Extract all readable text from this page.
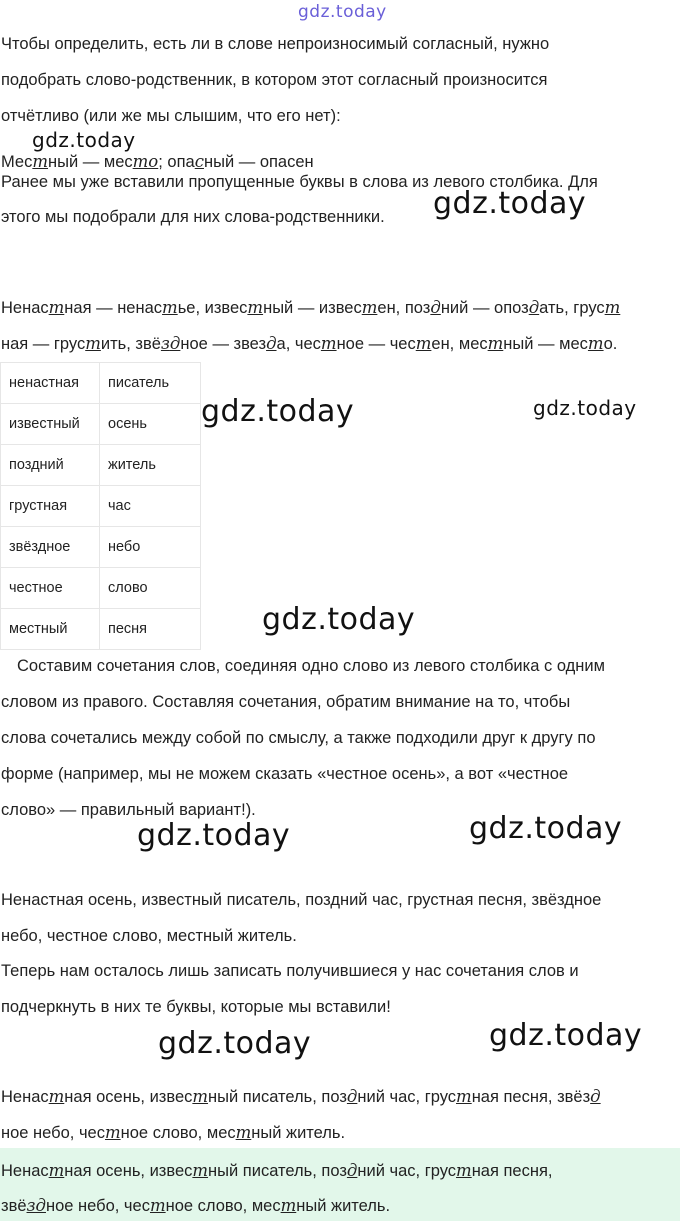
gdz.today

Чтобы определить, есть ли в слове непроизносимый согласный, нужно

подобрать слово-родственник, в котором этот согласный произносится

отчётливо (или же мы слышим, что его нет):

gdz.today
Местный — место; опасный — опасен

Ранее мы уже вставили пропущенные буквы в слова из левого столбика. Для

этого мы подобрали для них слова-родственники.	gdz.today

Ненастная — ненастье, известный — известен, поздний — опоздать, груст

ная — грустить, звёздное — звезда, честное — честен, местный — место.

ненастная	писатель
известный	осень
поздний	житель
грустная	час
звёздное	небо
честное	слово
местный	песня
gdz.today	gdz.today
gdz.today

Составим сочетания слов, соединяя одно слово из левого столбика с одним

словом из правого. Составляя сочетания, обратим внимание на то, чтобы

слова сочетались между собой по смыслу, а также подходили друг к другу по

форме (например, мы не можем сказать «честное осень», а вот «честное

слово» — правильный вариант!).

gdz.today	gdz.today

Ненастная осень, известный писатель, поздний час, грустная песня, звёздное

небо, честное слово, местный житель.

Теперь нам осталось лишь записать получившиеся у нас сочетания слов и

подчеркнуть в них те буквы, которые мы вставили!

gdz.today	gdz.today

Ненастная осень, известный писатель, поздний час, грустная песня, звёзд

ное небо, честное слово, местный житель.

Ненастная осень, известный писатель, поздний час, грустная песня,

звёздное небо, честное слово, местный житель.
